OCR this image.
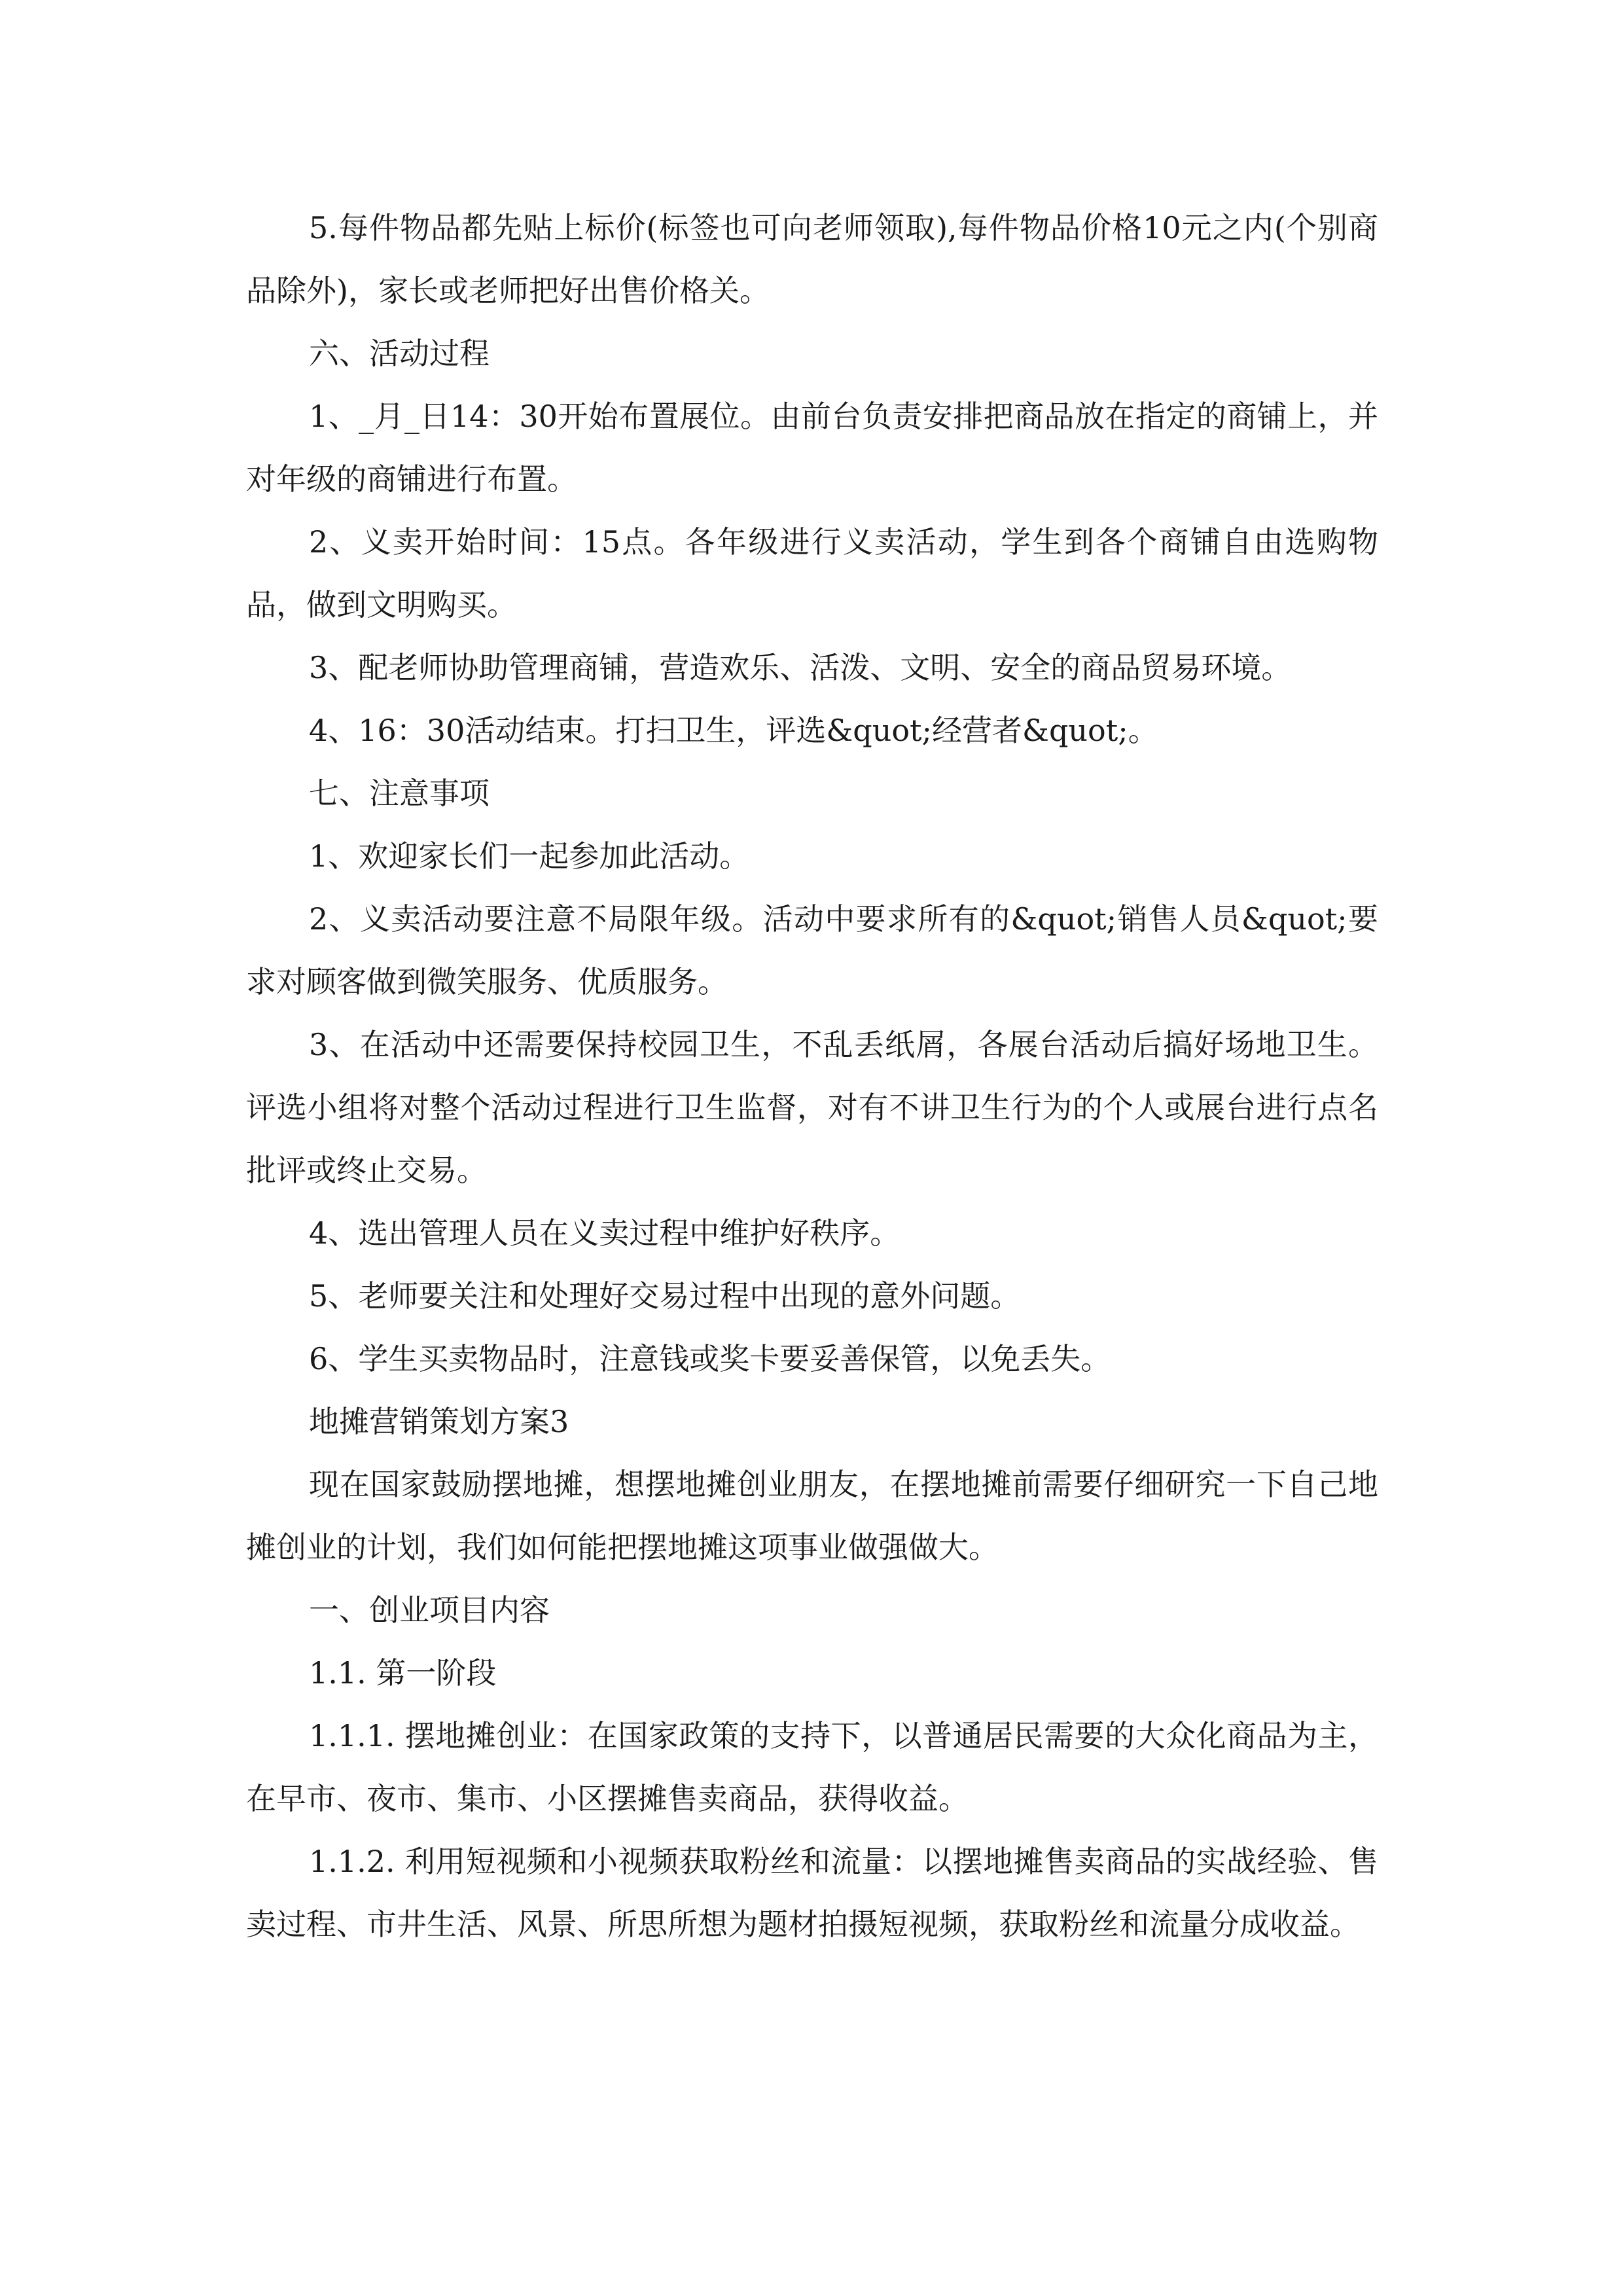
5.每件物品都先贴上标价(标签也可向老师领取),每件物品价格10元之内(个别商品除外)，家长或老师把好出售价格关。

六、活动过程

1、_月_日14：30开始布置展位。由前台负责安排把商品放在指定的商铺上，并对年级的商铺进行布置。

2、义卖开始时间：15点。各年级进行义卖活动，学生到各个商铺自由选购物品，做到文明购买。

3、配老师协助管理商铺，营造欢乐、活泼、文明、安全的商品贸易环境。

4、16：30活动结束。打扫卫生，评选&quot;经营者&quot;。

七、注意事项

1、欢迎家长们一起参加此活动。

2、义卖活动要注意不局限年级。活动中要求所有的&quot;销售人员&quot;要求对顾客做到微笑服务、优质服务。

3、在活动中还需要保持校园卫生，不乱丢纸屑，各展台活动后搞好场地卫生。评选小组将对整个活动过程进行卫生监督，对有不讲卫生行为的个人或展台进行点名批评或终止交易。

4、选出管理人员在义卖过程中维护好秩序。

5、老师要关注和处理好交易过程中出现的意外问题。

6、学生买卖物品时，注意钱或奖卡要妥善保管，以免丢失。

地摊营销策划方案3

现在国家鼓励摆地摊，想摆地摊创业朋友，在摆地摊前需要仔细研究一下自己地摊创业的计划，我们如何能把摆地摊这项事业做强做大。

一、创业项目内容

1.1. 第一阶段

1.1.1. 摆地摊创业：在国家政策的支持下，以普通居民需要的大众化商品为主，在早市、夜市、集市、小区摆摊售卖商品，获得收益。

1.1.2. 利用短视频和小视频获取粉丝和流量：以摆地摊售卖商品的实战经验、售卖过程、市井生活、风景、所思所想为题材拍摄短视频，获取粉丝和流量分成收益。
